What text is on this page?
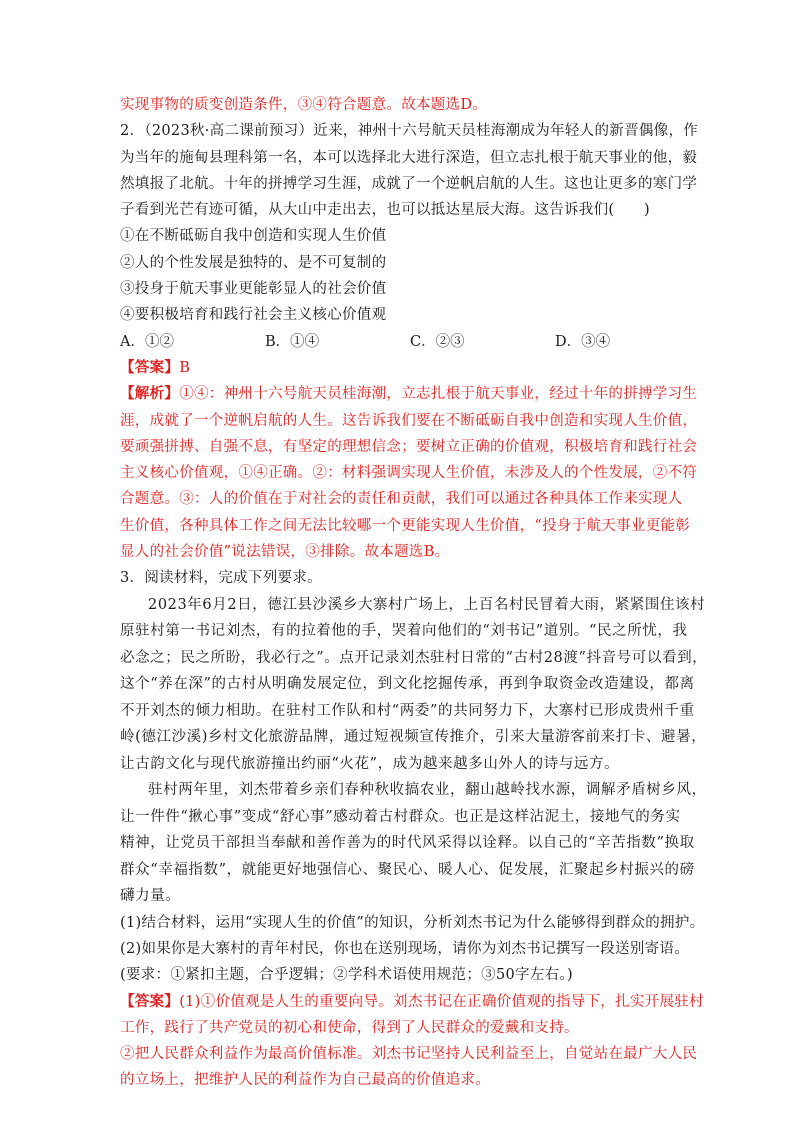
实现事物的质变创造条件，③④符合题意。故本题选D。
2．（2023秋·高二课前预习）近来，神州十六号航天员桂海潮成为年轻人的新晋偶像，作
为当年的施甸县理科第一名，本可以选择北大进行深造，但立志扎根于航天事业的他，毅
然填报了北航。十年的拼搏学习生涯，成就了一个逆帆启航的人生。这也让更多的寒门学
子看到光芒有迹可循，从大山中走出去，也可以抵达星辰大海。这告诉我们(　　)
①在不断砥砺自我中创造和实现人生价值
②人的个性发展是独特的、是不可复制的
③投身于航天事业更能彰显人的社会价值
④要积极培育和践行社会主义核心价值观
A．①②	B．①④	C．②③	D．③④
【答案】B
【解析】①④：神州十六号航天员桂海潮，立志扎根于航天事业，经过十年的拼搏学习生
涯，成就了一个逆帆启航的人生。这告诉我们要在不断砥砺自我中创造和实现人生价值，
要顽强拼搏、自强不息，有坚定的理想信念；要树立正确的价值观，积极培育和践行社会
主义核心价值观，①④正确。②：材料强调实现人生价值，未涉及人的个性发展，②不符
合题意。③：人的价值在于对社会的责任和贡献，我们可以通过各种具体工作来实现人
生价值，各种具体工作之间无法比较哪一个更能实现人生价值，“投身于航天事业更能彰
显人的社会价值”说法错误，③排除。故本题选B。
3．阅读材料，完成下列要求。
2023年6月2日，德江县沙溪乡大寨村广场上，上百名村民冒着大雨，紧紧围住该村
原驻村第一书记刘杰，有的拉着他的手，哭着向他们的“刘书记”道别。“民之所忧，我
必念之；民之所盼，我必行之”。点开记录刘杰驻村日常的“古村28渡”抖音号可以看到，
这个“养在深”的古村从明确发展定位，到文化挖掘传承，再到争取资金改造建设，都离
不开刘杰的倾力相助。在驻村工作队和村“两委”的共同努力下，大寨村已形成贵州千重
岭(德江沙溪)乡村文化旅游品牌，通过短视频宣传推介，引来大量游客前来打卡、避暑，
让古韵文化与现代旅游撞出约丽“火花”，成为越来越多山外人的诗与远方。
驻村两年里，刘杰带着乡亲们春种秋收搞农业，翻山越岭找水源，调解矛盾树乡风，
让一件件“揪心事”变成“舒心事”感动着古村群众。也正是这样沾泥土，接地气的务实
精神，让党员干部担当奉献和善作善为的时代风采得以诠释。以自己的“辛苦指数”换取
群众“幸福指数”，就能更好地强信心、聚民心、暖人心、促发展，汇聚起乡村振兴的磅
礴力量。
(1)结合材料，运用“实现人生的价值”的知识，分析刘杰书记为什么能够得到群众的拥护。
(2)如果你是大寨村的青年村民，你也在送别现场，请你为刘杰书记撰写一段送别寄语。
(要求：①紧扣主题，合乎逻辑；②学科术语使用规范；③50字左右。)
【答案】(1)①价值观是人生的重要向导。刘杰书记在正确价值观的指导下，扎实开展驻村
工作，践行了共产党员的初心和使命，得到了人民群众的爱戴和支持。
②把人民群众利益作为最高价值标准。刘杰书记坚持人民利益至上，自觉站在最广大人民
的立场上，把维护人民的利益作为自己最高的价值追求。
